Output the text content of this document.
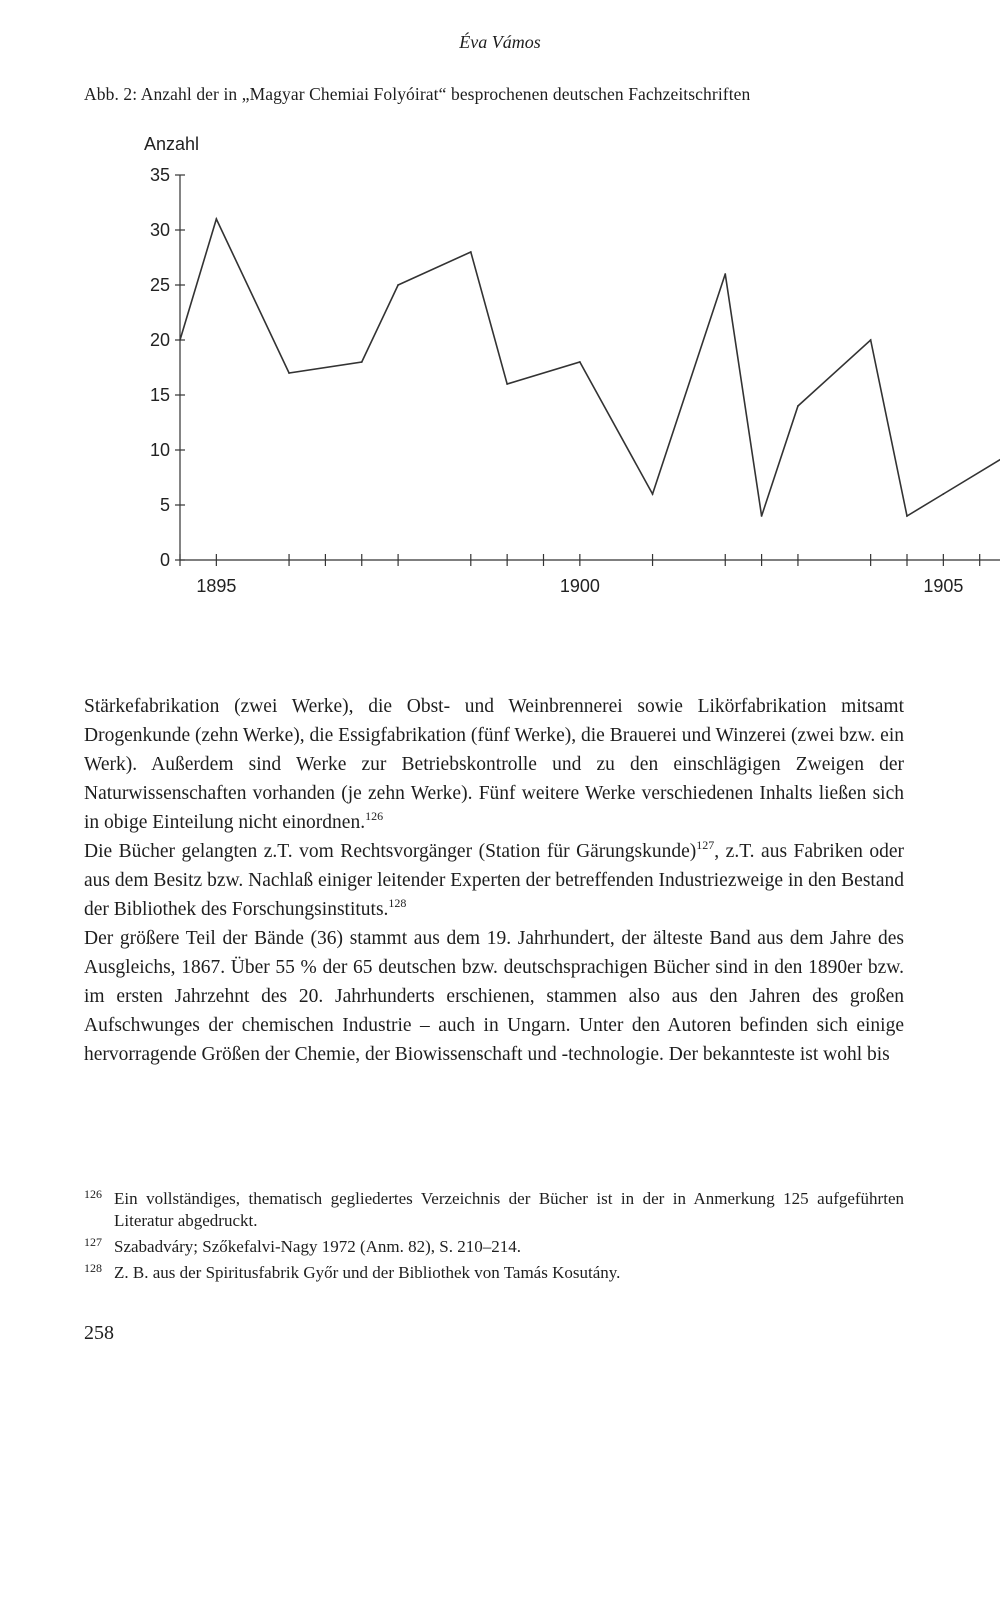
Éva Vámos
Abb. 2: Anzahl der in „Magyar Chemiai Folyóirat“ besprochenen deutschen Fachzeitschriften
Anzahl
0
5
10
15
20
25
30
35
1895	1900	1905

Stärkefabrikation (zwei Werke), die Obst- und Weinbrennerei sowie Likörfabrikation mitsamt Drogenkunde (zehn Werke), die Essigfabrikation (fünf Werke), die Brauerei und Winzerei (zwei bzw. ein Werk). Außerdem sind Werke zur Betriebskontrolle und zu den einschlägigen Zweigen der Naturwissenschaften vorhanden (je zehn Werke). Fünf weitere Werke verschiedenen Inhalts ließen sich in obige Einteilung nicht einordnen.$^{126}$

Die Bücher gelangten z.T. vom Rechtsvorgänger (Station für Gärungskunde)$^{127}$, z.T. aus Fabriken oder aus dem Besitz bzw. Nachlaß einiger leitender Experten der betreffenden Industriezweige in den Bestand der Bibliothek des Forschungsinstituts.$^{128}$

Der größere Teil der Bände (36) stammt aus dem 19. Jahrhundert, der älteste Band aus dem Jahre des Ausgleichs, 1867. Über 55 % der 65 deutschen bzw. deutschsprachigen Bücher sind in den 1890er bzw. im ersten Jahrzehnt des 20. Jahrhunderts erschienen, stammen also aus den Jahren des großen Aufschwunges der chemischen Industrie – auch in Ungarn. Unter den Autoren befinden sich einige hervorragende Größen der Chemie, der Biowissenschaft und -technologie. Der bekannteste ist wohl bis

126 Ein vollständiges, thematisch gegliedertes Verzeichnis der Bücher ist in der in Anmerkung 125 aufgeführten Literatur abgedruckt.
127 Szabadváry; Szőkefalvi-Nagy 1972 (Anm. 82), S. 210–214.
128 Z. B. aus der Spiritusfabrik Győr und der Bibliothek von Tamás Kosutány.
258
